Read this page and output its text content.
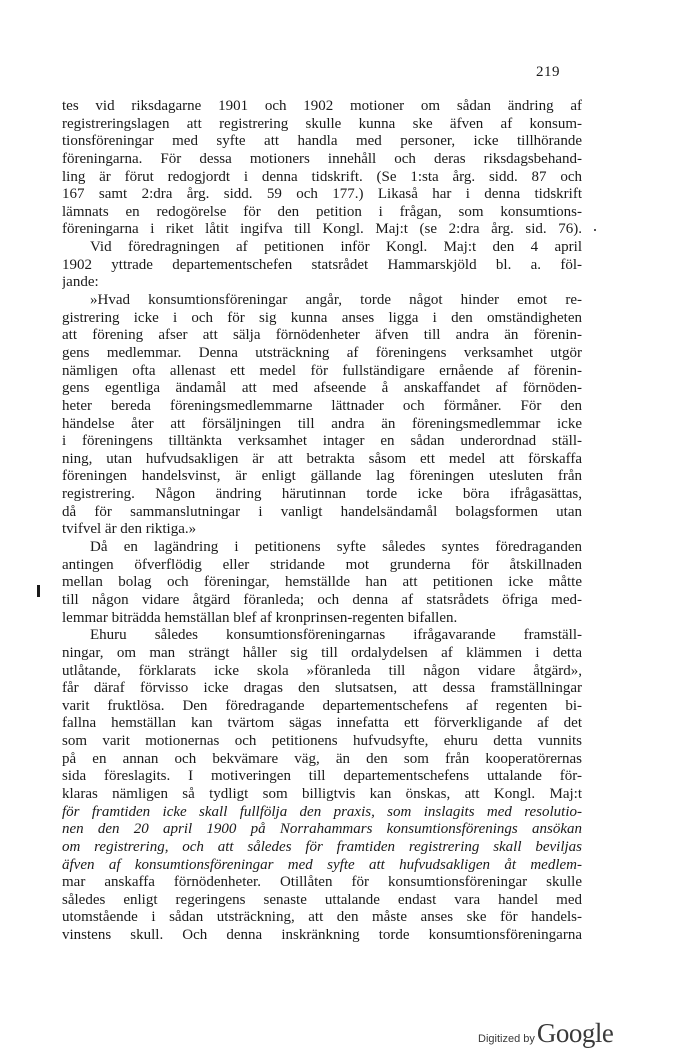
219
tes vid riksdagarne 1901 och 1902 motioner om sådan ändring af
registreringslagen att registrering skulle kunna ske äfven af konsum-
tionsföreningar med syfte att handla med personer, icke tillhörande
föreningarna. För dessa motioners innehåll och deras riksdagsbehand-
ling är förut redogjordt i denna tidskrift. (Se 1:sta årg. sidd. 87 och
167 samt 2:dra årg. sidd. 59 och 177.) Likaså har i denna tidskrift
lämnats en redogörelse för den petition i frågan, som konsumtions-
föreningarna i riket låtit ingifva till Kongl. Maj:t (se 2:dra årg. sid. 76).
Vid föredragningen af petitionen inför Kongl. Maj:t den 4 april
1902 yttrade departementschefen statsrådet Hammarskjöld bl. a. föl-
jande:
»Hvad konsumtionsföreningar angår, torde något hinder emot re-
gistrering icke i och för sig kunna anses ligga i den omständigheten
att förening afser att sälja förnödenheter äfven till andra än förenin-
gens medlemmar. Denna utsträckning af föreningens verksamhet utgör
nämligen ofta allenast ett medel för fullständigare ernående af förenin-
gens egentliga ändamål att med afseende å anskaffandet af förnöden-
heter bereda föreningsmedlemmarne lättnader och förmåner. För den
händelse åter att försäljningen till andra än föreningsmedlemmar icke
i föreningens tilltänkta verksamhet intager en sådan underordnad ställ-
ning, utan hufvudsakligen är att betrakta såsom ett medel att förskaffa
föreningen handelsvinst, är enligt gällande lag föreningen utesluten från
registrering. Någon ändring härutinnan torde icke böra ifrågasättas,
då för sammanslutningar i vanligt handelsändamål bolagsformen utan
tvifvel är den riktiga.»
Då en lagändring i petitionens syfte således syntes föredraganden
antingen öfverflödig eller stridande mot grunderna för åtskillnaden
mellan bolag och föreningar, hemställde han att petitionen icke måtte
till någon vidare åtgärd föranleda; och denna af statsrådets öfriga med-
lemmar biträdda hemställan blef af kronprinsen-regenten bifallen.
Ehuru således konsumtionsföreningarnas ifrågavarande framställ-
ningar, om man strängt håller sig till ordalydelsen af klämmen i detta
utlåtande, förklarats icke skola »föranleda till någon vidare åtgärd»,
får däraf förvisso icke dragas den slutsatsen, att dessa framställningar
varit fruktlösa. Den föredragande departementschefens af regenten bi-
fallna hemställan kan tvärtom sägas innefatta ett förverkligande af det
som varit motionernas och petitionens hufvudsyfte, ehuru detta vunnits
på en annan och bekvämare väg, än den som från kooperatörernas
sida föreslagits. I motiveringen till departementschefens uttalande för-
klaras nämligen så tydligt som billigtvis kan önskas, att Kongl. Maj:t
för framtiden icke skall fullfölja den praxis, som inslagits med resolutio-
nen den 20 april 1900 på Norrahammars konsumtionsförenings ansökan
om registrering, och att således för framtiden registrering skall beviljas
äfven af konsumtionsföreningar med syfte att hufvudsakligen åt medlem-
mar anskaffa förnödenheter. Otillåten för konsumtionsföreningar skulle
således enligt regeringens senaste uttalande endast vara handel med
utomstående i sådan utsträckning, att den måste anses ske för handels-
vinstens skull. Och denna inskränkning torde konsumtionsföreningarna
Digitized by Google
